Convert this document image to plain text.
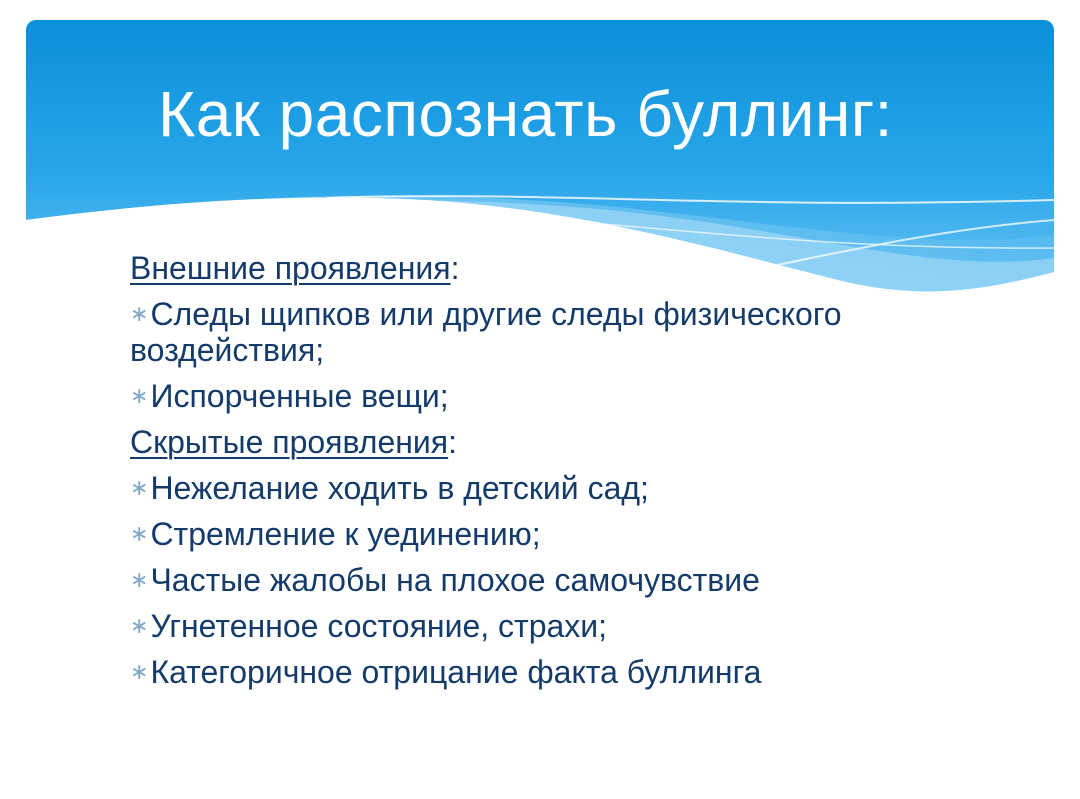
Как распознать буллинг:
Внешние проявления:
∗Следы щипков или другие следы физического воздействия;
∗Испорченные вещи;
Скрытые проявления:
∗Нежелание ходить в детский сад;
∗Стремление к уединению;
∗Частые жалобы на плохое самочувствие
∗Угнетенное состояние, страхи;
∗Категоричное отрицание факта буллинга
